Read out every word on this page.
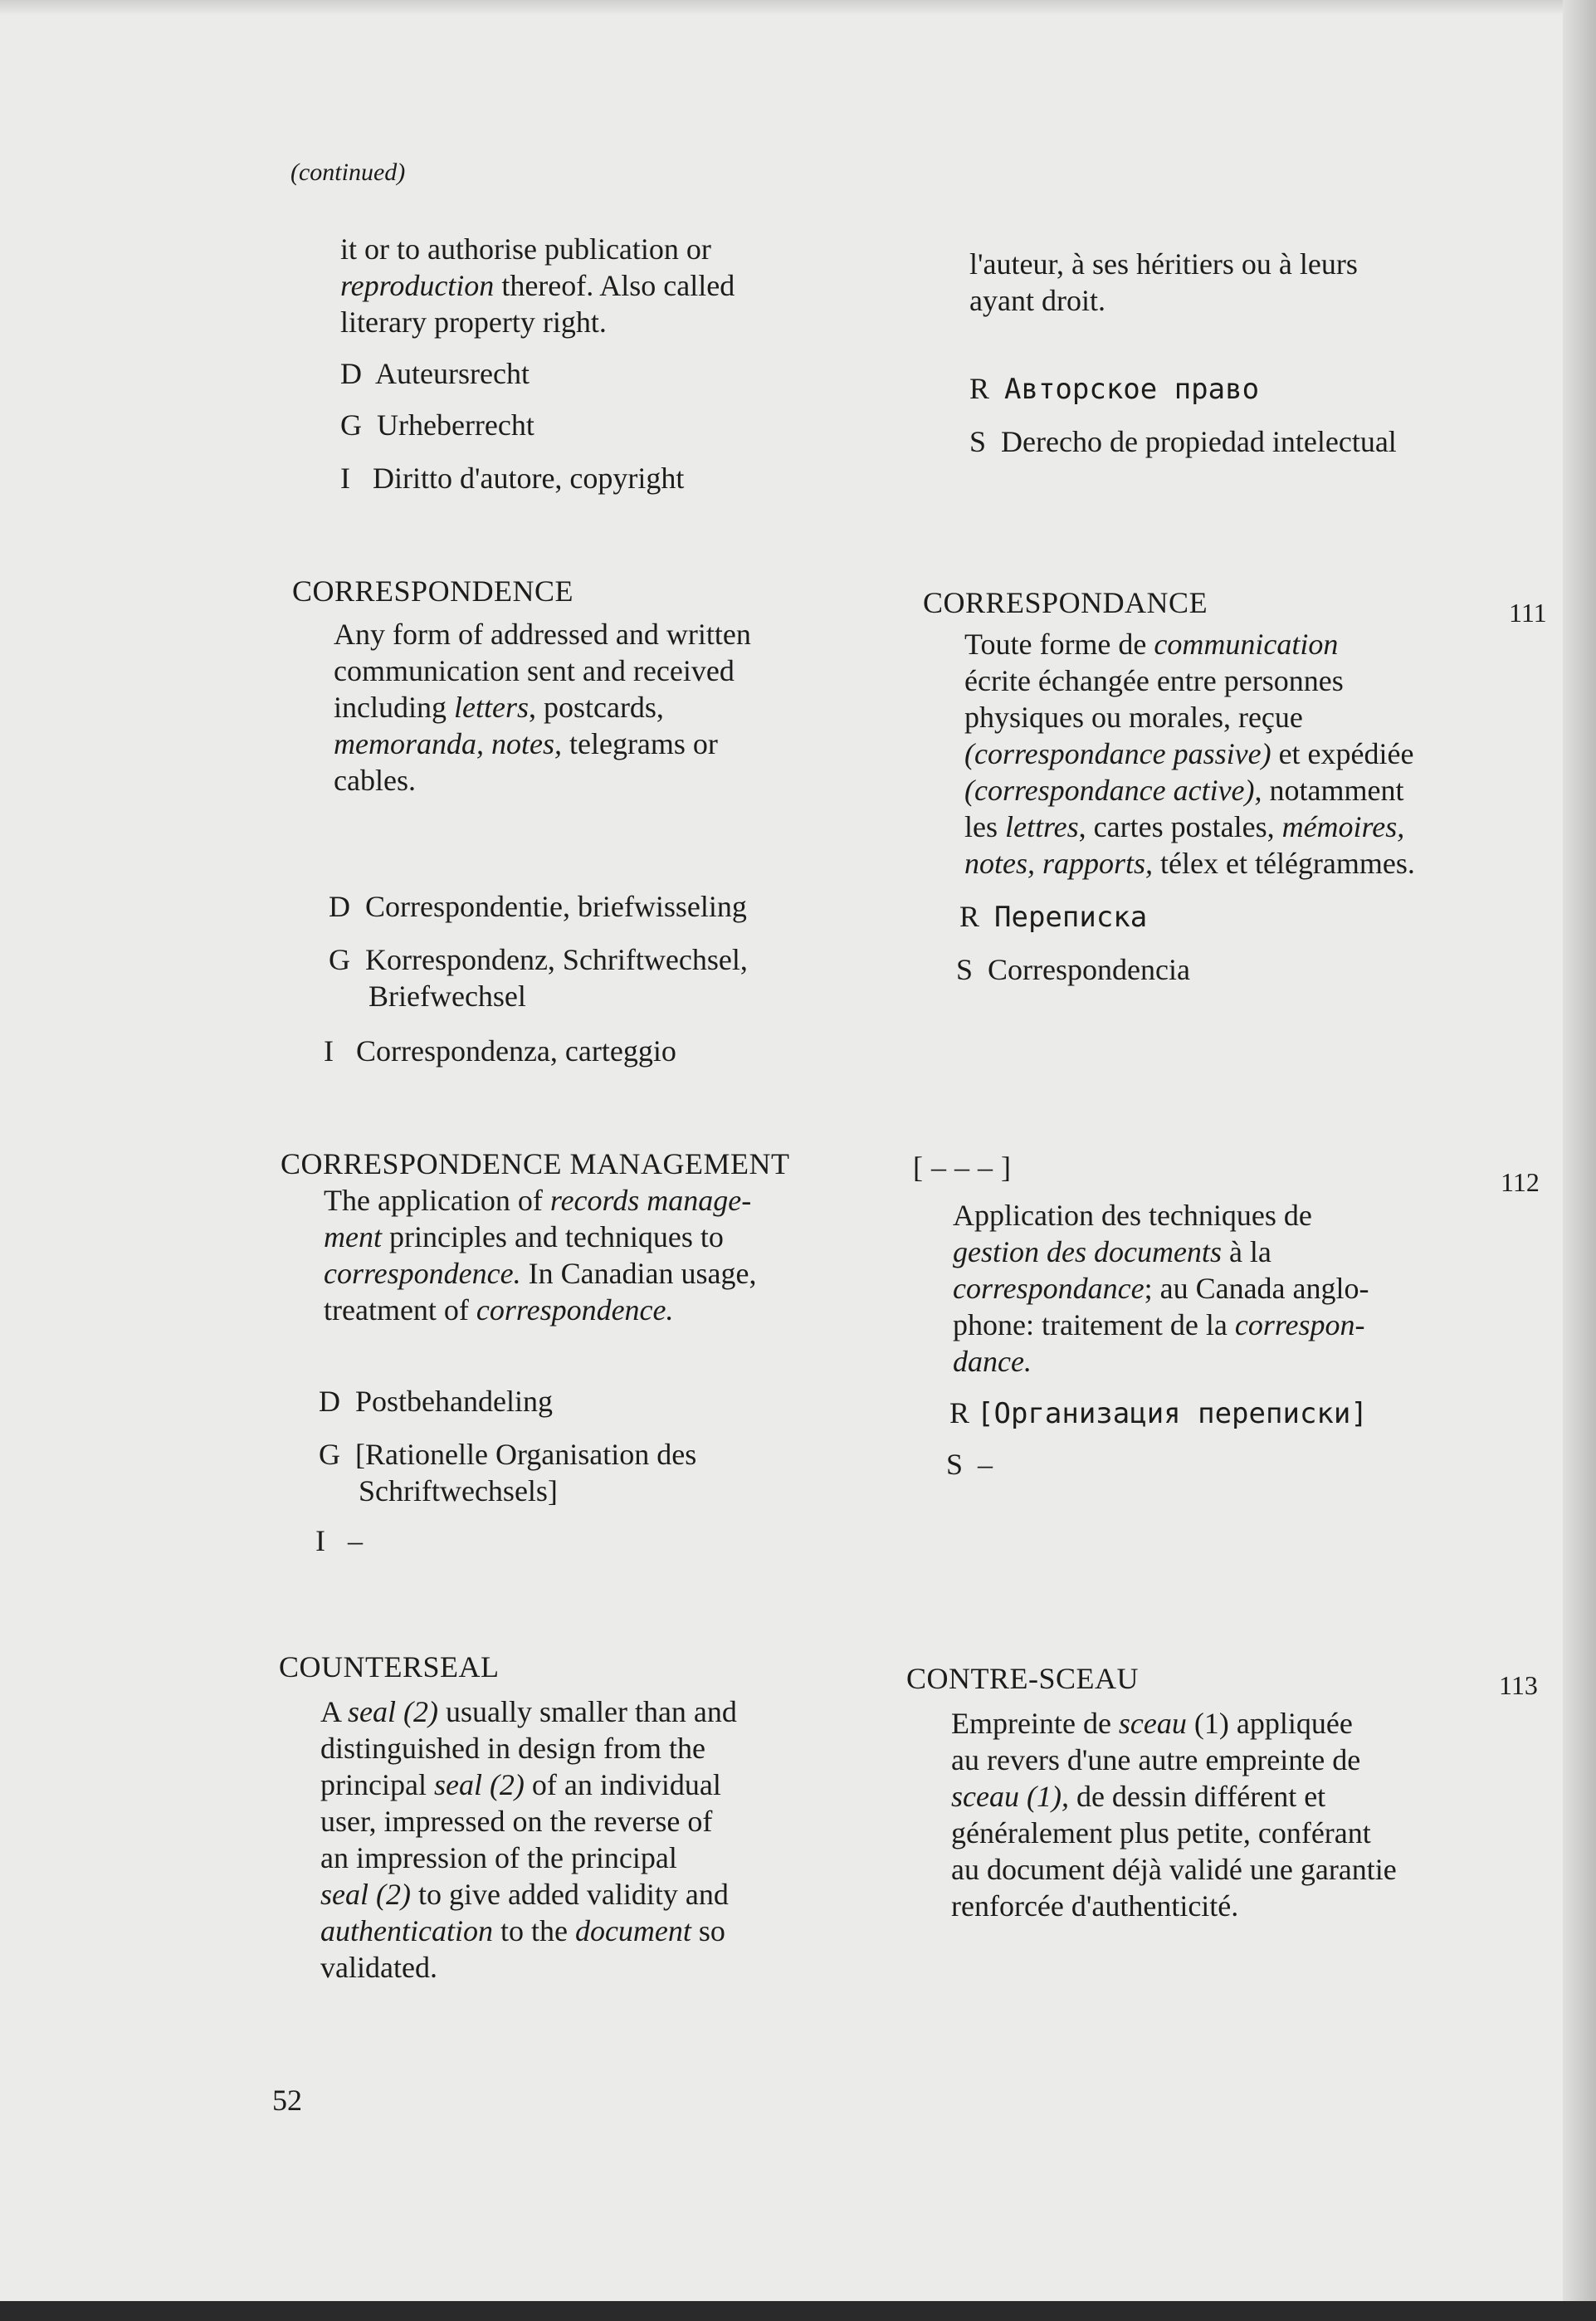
(continued)
it or to authorise publication or
reproduction thereof. Also called
literary property right.
D Auteursrecht
G Urheberrecht
I Diritto d'autore, copyright
l'auteur, à ses héritiers ou à leurs
ayant droit.
R Авторское право
S Derecho de propiedad intelectual
CORRESPONDENCE
Any form of addressed and written
communication sent and received
including letters, postcards,
memoranda, notes, telegrams or
cables.
D Correspondentie, briefwisseling
G Korrespondenz, Schriftwechsel,
Briefwechsel
I Correspondenza, carteggio
CORRESPONDANCE	111
Toute forme de communication
écrite échangée entre personnes
physiques ou morales, reçue
(correspondance passive) et expédiée
(correspondance active), notamment
les lettres, cartes postales, mémoires,
notes, rapports, télex et télégrammes.
R Переписка
S Correspondencia
CORRESPONDENCE MANAGEMENT
The application of records manage-
ment principles and techniques to
correspondence. In Canadian usage,
treatment of correspondence.
D Postbehandeling
G [Rationelle Organisation des
Schriftwechsels]
I –
[ – – – ]	112
Application des techniques de
gestion des documents à la
correspondance; au Canada anglo-
phone: traitement de la correspon-
dance.
R [Организация переписки]
S –
COUNTERSEAL
A seal (2) usually smaller than and
distinguished in design from the
principal seal (2) of an individual
user, impressed on the reverse of
an impression of the principal
seal (2) to give added validity and
authentication to the document so
validated.
CONTRE-SCEAU	113
Empreinte de sceau (1) appliquée
au revers d'une autre empreinte de
sceau (1), de dessin différent et
généralement plus petite, conférant
au document déjà validé une garantie
renforcée d'authenticité.
52
